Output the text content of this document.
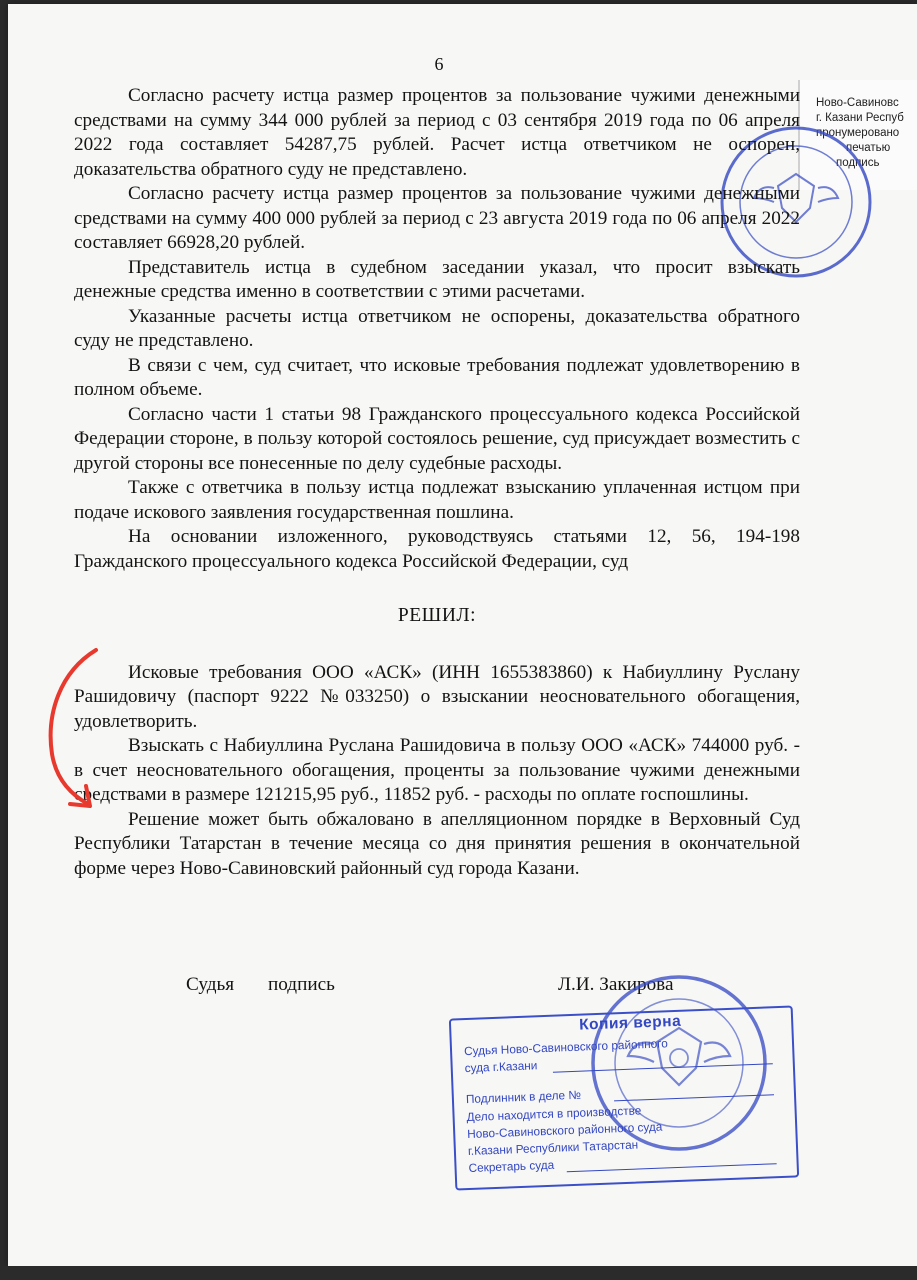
6
Ново-Савиновс
г. Казани Респуб
пронумеровано
печатью
подпись

Согласно расчету истца размер процентов за пользование чужими денежными средствами на сумму 344 000 рублей за период с 03 сентября 2019 года по 06 апреля 2022 года составляет 54287,75 рублей. Расчет истца ответчиком не оспорен, доказательства обратного суду не представлено.

Согласно расчету истца размер процентов за пользование чужими денежными средствами на сумму 400 000 рублей за период с 23 августа 2019 года по 06 апреля 2022 составляет 66928,20 рублей.

Представитель истца в судебном заседании указал, что просит взыскать денежные средства именно в соответствии с этими расчетами.

Указанные расчеты истца ответчиком не оспорены, доказательства обратного суду не представлено.

В связи с чем, суд считает, что исковые требования подлежат удовлетворению в полном объеме.

Согласно части 1 статьи 98 Гражданского процессуального кодекса Российской Федерации стороне, в пользу которой состоялось решение, суд присуждает возместить с другой стороны все понесенные по делу судебные расходы.

Также с ответчика в пользу истца подлежат взысканию уплаченная истцом при подаче искового заявления государственная пошлина.

На основании изложенного, руководствуясь статьями 12, 56, 194-198 Гражданского процессуального кодекса Российской Федерации, суд

РЕШИЛ:

Исковые требования ООО «АСК» (ИНН 1655383860) к Набиуллину Руслану Рашидовичу (паспорт 9222 №033250) о взыскании неосновательного обогащения, удовлетворить.

Взыскать с Набиуллина Руслана Рашидовича в пользу ООО «АСК» 744000 руб. - в счет неосновательного обогащения, проценты за пользование чужими денежными средствами в размере 121215,95 руб., 11852 руб. - расходы по оплате госпошлины.

Решение может быть обжаловано в апелляционном порядке в Верховный Суд Республики Татарстан в течение месяца со дня принятия решения в окончательной форме через Ново-Савиновский районный суд города Казани.

Судья подпись	Л.И. Закирова
Копия верна
Судья Ново-Савиновского районного
суда г.Казани
Подлинник в деле №
Дело находится в производстве
Ново-Савиновского районного суда
г.Казани Республики Татарстан
Секретарь суда
